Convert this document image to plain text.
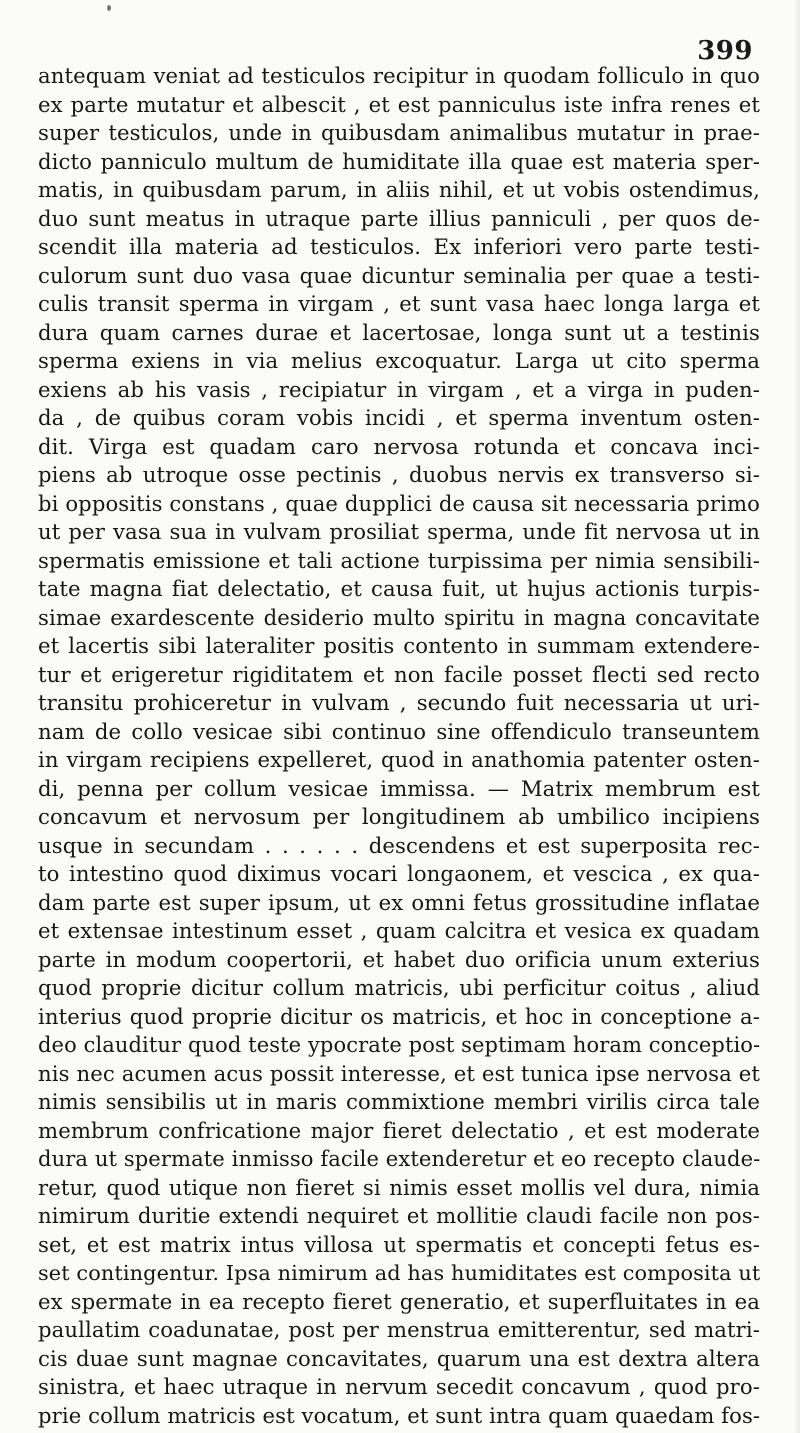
399
antequam veniat ad testiculos recipitur in quodam folliculo in quo
ex parte mutatur et albescit , et est panniculus iste infra renes et
super testiculos, unde in quibusdam animalibus mutatur in prae-
dicto panniculo multum de humiditate illa quae est materia sper-
matis, in quibusdam parum, in aliis nihil, et ut vobis ostendimus,
duo sunt meatus in utraque parte illius panniculi , per quos de-
scendit illa materia ad testiculos. Ex inferiori vero parte testi-
culorum sunt duo vasa quae dicuntur seminalia per quae a testi-
culis transit sperma in virgam , et sunt vasa haec longa larga et
dura quam carnes durae et lacertosae, longa sunt ut a testinis
sperma exiens in via melius excoquatur. Larga ut cito sperma
exiens ab his vasis , recipiatur in virgam , et a virga in puden-
da , de quibus coram vobis incidi , et sperma inventum osten-
dit. Virga est quadam caro nervosa rotunda et concava inci-
piens ab utroque osse pectinis , duobus nervis ex transverso si-
bi oppositis constans , quae dupplici de causa sit necessaria primo
ut per vasa sua in vulvam prosiliat sperma, unde fit nervosa ut in
spermatis emissione et tali actione turpissima per nimia sensibili-
tate magna fiat delectatio, et causa fuit, ut hujus actionis turpis-
simae exardescente desiderio multo spiritu in magna concavitate
et lacertis sibi lateraliter positis contento in summam extenderе-
tur et erigeretur rigiditatem et non facile posset flecti sed recto
transitu prohiceretur in vulvam , secundo fuit necessaria ut uri-
nam de collo vesicae sibi continuo sine offendiculo transeuntem
in virgam recipiens expelleret, quod in anathomia patenter osten-
di, penna per collum vesicae immissa. — Matrix membrum est
concavum et nervosum per longitudinem ab umbilico incipiens
usque in secundam . . . . . . descendens et est superposita rec-
to intestino quod diximus vocari longaonem, et vescica , ex qua-
dam parte est super ipsum, ut ex omni fetus grossitudine inflatae
et extensae intestinum esset , quam calcitra et vesica ex quadam
parte in modum coopertorii, et habet duo orificia unum exterius
quod proprie dicitur collum matricis, ubi perficitur coitus , aliud
interius quod proprie dicitur os matricis, et hoc in conceptione a-
deo clauditur quod teste ypocrate post septimam horam conceptio-
nis nec acumen acus possit interesse, et est tunica ipse nervosa et
nimis sensibilis ut in maris commixtione membri virilis circa tale
membrum confricatione major fieret delectatio , et est moderate
dura ut spermate inmisso facile extenderetur et eo recepto claude-
retur, quod utique non fieret si nimis esset mollis vel dura, nimia
nimirum duritie extendi nequiret et mollitie claudi facile non pos-
set, et est matrix intus villosa ut spermatis et concepti fetus es-
set contingentur. Ipsa nimirum ad has humiditates est composita ut
ex spermate in ea recepto fieret generatio, et superfluitates in ea
paullatim coadunatae, post per menstrua emitterentur, sed matri-
cis duae sunt magnae concavitates, quarum una est dextra altera
sinistra, et haec utraque in nervum secedit concavum , quod pro-
prie collum matricis est vocatum, et sunt intra quam quaedam fos-
